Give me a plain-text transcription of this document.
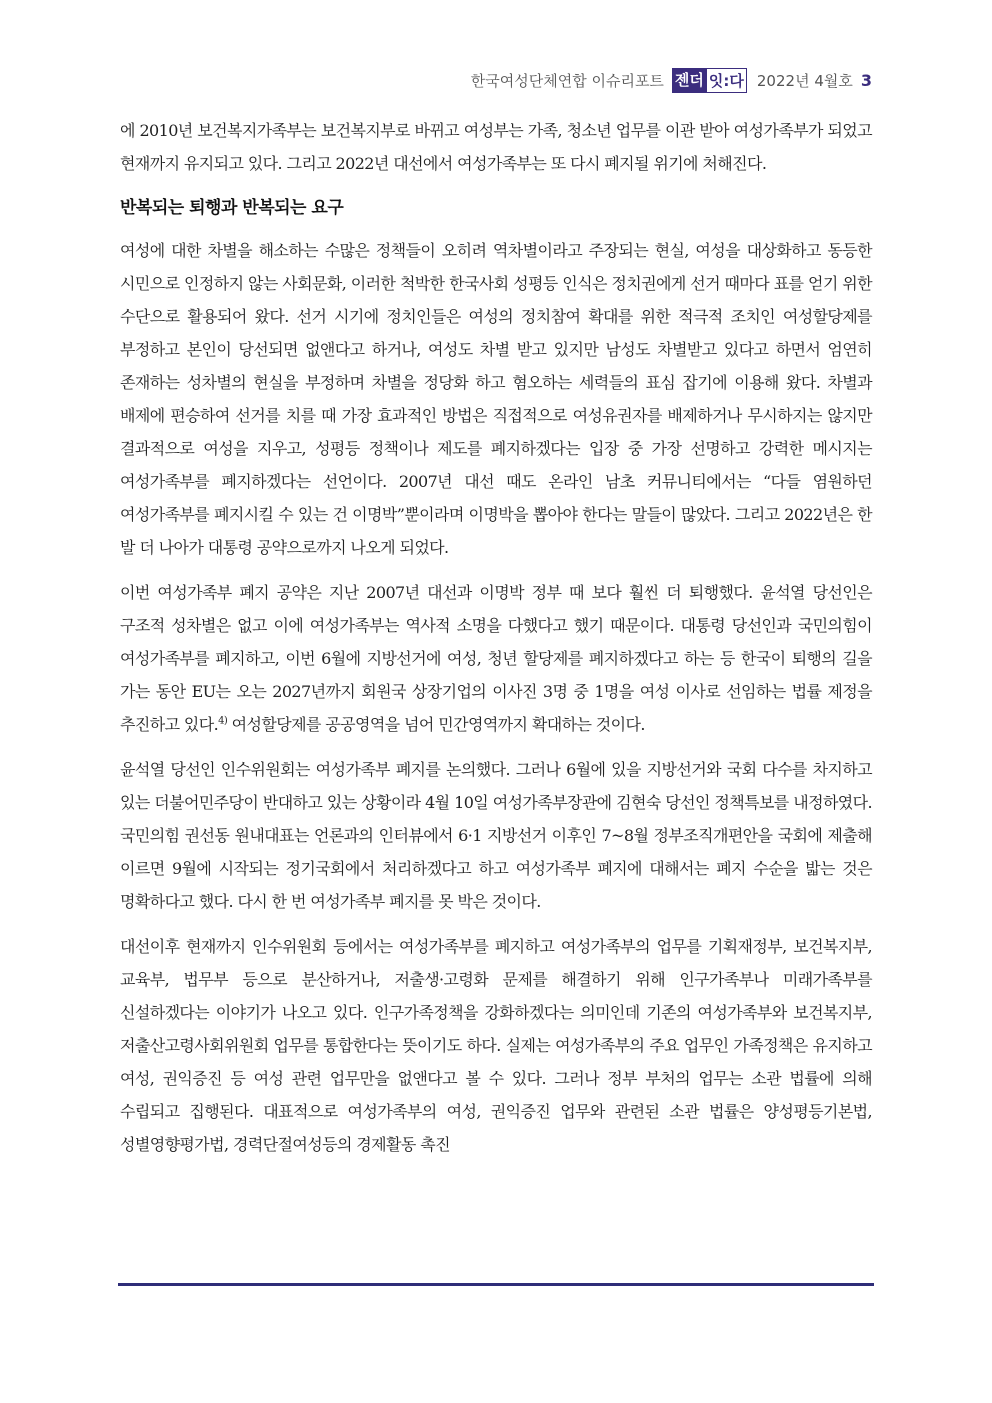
한국여성단체연합 이슈리포트 젠더 잇:다 2022년 4월호 3

에 2010년 보건복지가족부는 보건복지부로 바뀌고 여성부는 가족, 청소년 업무를 이관 받아 여성가족부가 되었고 현재까지 유지되고 있다. 그리고 2022년 대선에서 여성가족부는 또 다시 폐지될 위기에 처해진다.

반복되는 퇴행과 반복되는 요구

여성에 대한 차별을 해소하는 수많은 정책들이 오히려 역차별이라고 주장되는 현실, 여성을 대상화하고 동등한 시민으로 인정하지 않는 사회문화, 이러한 척박한 한국사회 성평등 인식은 정치권에게 선거 때마다 표를 얻기 위한 수단으로 활용되어 왔다. 선거 시기에 정치인들은 여성의 정치참여 확대를 위한 적극적 조치인 여성할당제를 부정하고 본인이 당선되면 없앤다고 하거나, 여성도 차별 받고 있지만 남성도 차별받고 있다고 하면서 엄연히 존재하는 성차별의 현실을 부정하며 차별을 정당화 하고 혐오하는 세력들의 표심 잡기에 이용해 왔다. 차별과 배제에 편승하여 선거를 치를 때 가장 효과적인 방법은 직접적으로 여성유권자를 배제하거나 무시하지는 않지만 결과적으로 여성을 지우고, 성평등 정책이나 제도를 폐지하겠다는 입장 중 가장 선명하고 강력한 메시지는 여성가족부를 폐지하겠다는 선언이다. 2007년 대선 때도 온라인 남초 커뮤니티에서는 “다들 염원하던 여성가족부를 폐지시킬 수 있는 건 이명박”뿐이라며 이명박을 뽑아야 한다는 말들이 많았다. 그리고 2022년은 한 발 더 나아가 대통령 공약으로까지 나오게 되었다.

이번 여성가족부 폐지 공약은 지난 2007년 대선과 이명박 정부 때 보다 훨씬 더 퇴행했다. 윤석열 당선인은 구조적 성차별은 없고 이에 여성가족부는 역사적 소명을 다했다고 했기 때문이다. 대통령 당선인과 국민의힘이 여성가족부를 폐지하고, 이번 6월에 지방선거에 여성, 청년 할당제를 폐지하겠다고 하는 등 한국이 퇴행의 길을 가는 동안 EU는 오는 2027년까지 회원국 상장기업의 이사진 3명 중 1명을 여성 이사로 선임하는 법률 제정을 추진하고 있다.$^{4)}$ 여성할당제를 공공영역을 넘어 민간영역까지 확대하는 것이다.

윤석열 당선인 인수위원회는 여성가족부 폐지를 논의했다. 그러나 6월에 있을 지방선거와 국회 다수를 차지하고 있는 더불어민주당이 반대하고 있는 상황이라 4월 10일 여성가족부장관에 김현숙 당선인 정책특보를 내정하였다. 국민의힘 권선동 원내대표는 언론과의 인터뷰에서 6·1 지방선거 이후인 7~8월 정부조직개편안을 국회에 제출해 이르면 9월에 시작되는 정기국회에서 처리하겠다고 하고 여성가족부 폐지에 대해서는 폐지 수순을 밟는 것은 명확하다고 했다. 다시 한 번 여성가족부 폐지를 못 박은 것이다.

대선이후 현재까지 인수위원회 등에서는 여성가족부를 폐지하고 여성가족부의 업무를 기획재정부, 보건복지부, 교육부, 법무부 등으로 분산하거나, 저출생·고령화 문제를 해결하기 위해 인구가족부나 미래가족부를 신설하겠다는 이야기가 나오고 있다. 인구가족정책을 강화하겠다는 의미인데 기존의 여성가족부와 보건복지부, 저출산고령사회위원회 업무를 통합한다는 뜻이기도 하다. 실제는 여성가족부의 주요 업무인 가족정책은 유지하고 여성, 권익증진 등 여성 관련 업무만을 없앤다고 볼 수 있다. 그러나 정부 부처의 업무는 소관 법률에 의해 수립되고 집행된다. 대표적으로 여성가족부의 여성, 권익증진 업무와 관련된 소관 법률은 양성평등기본법, 성별영향평가법, 경력단절여성등의 경제활동 촉진
